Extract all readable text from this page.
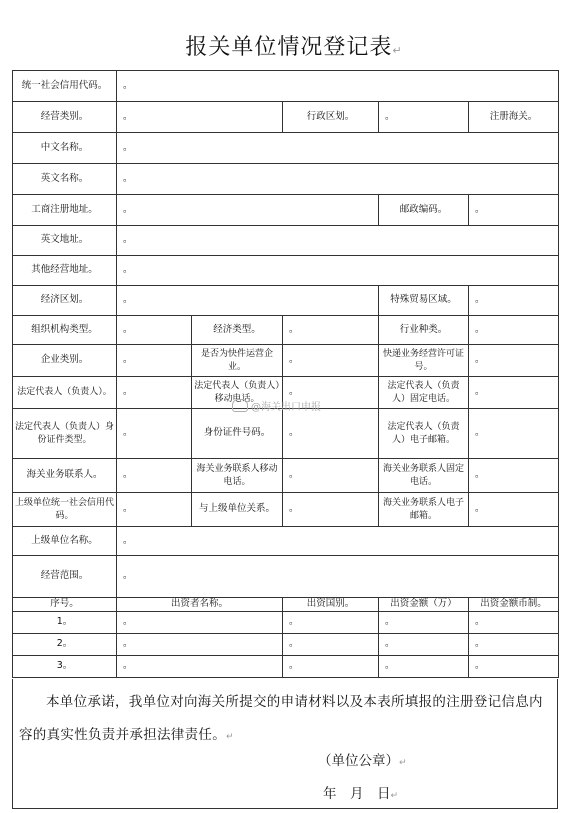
报关单位情况登记表↵
统一社会信用代码。	。				
经营类别。	。		行政区划。	。	注册海关。
中文名称。	。				
英文名称。	。				
工商注册地址。	。			邮政编码。	。
英文地址。	。				
其他经营地址。	。				
经济区划。	。			特殊贸易区域。	。
组织机构类型。	。	经济类型。	。	行业种类。	。
企业类别。	。	是否为快件运营企业。	。	快递业务经营许可证号。	。
法定代表人（负责人）。	。	法定代表人（负责人）移动电话。	。	法定代表人（负责人）固定电话。	。
法定代表人（负责人）身份证件类型。	。	身份证件号码。	。	法定代表人（负责人）电子邮箱。	。
海关业务联系人。	。	海关业务联系人移动电话。	。	海关业务联系人固定电话。	。
上级单位统一社会信用代码。	。	与上级单位关系。	。	海关业务联系人电子邮箱。	。
上级单位名称。	。				
经营范围。	。				
序号。	出资者名称。		出资国别。	出资金额（万）	出资金额币制。
1。	。		。	。	。
2。	。		。	。	。
3。	。		。	。	。
本单位承诺，我单位对向海关所提交的申请材料以及本表所填报的注册登记信息内容的真实性负责并承担法律责任。↵
（单位公章）↵
年　月　日↵
@海关出口申报
